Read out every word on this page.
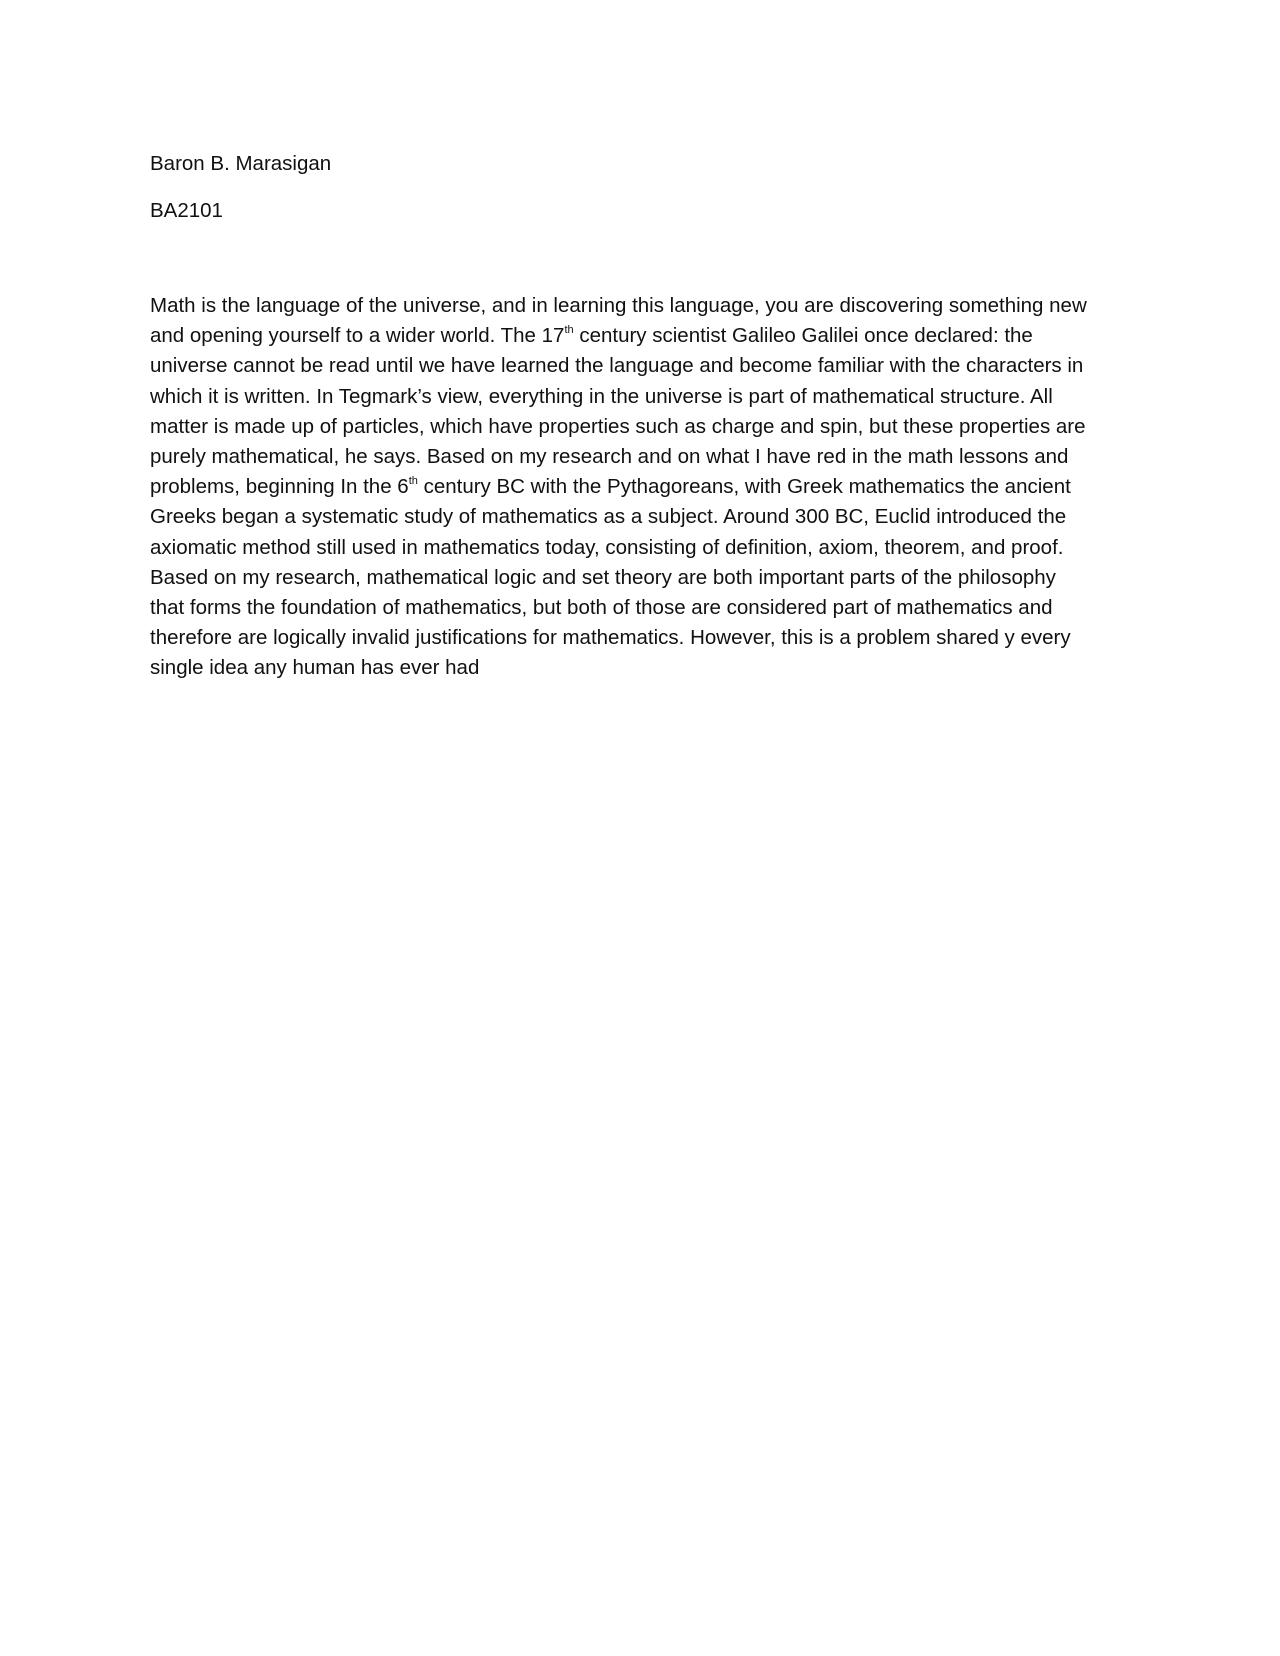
Baron B. Marasigan

BA2101

Math is the language of the universe, and in learning this language, you are discovering something new
and opening yourself to a wider world. The 17th century scientist Galileo Galilei once declared: the
universe cannot be read until we have learned the language and become familiar with the characters in
which it is written. In Tegmark’s view, everything in the universe is part of mathematical structure. All
matter is made up of particles, which have properties such as charge and spin, but these properties are
purely mathematical, he says. Based on my research and on what I have red in the math lessons and
problems, beginning In the 6th century BC with the Pythagoreans, with Greek mathematics the ancient
Greeks began a systematic study of mathematics as a subject. Around 300 BC, Euclid introduced the
axiomatic method still used in mathematics today, consisting of definition, axiom, theorem, and proof.
Based on my research, mathematical logic and set theory are both important parts of the philosophy
that forms the foundation of mathematics, but both of those are considered part of mathematics and
therefore are logically invalid justifications for mathematics. However, this is a problem shared y every
single idea any human has ever had
